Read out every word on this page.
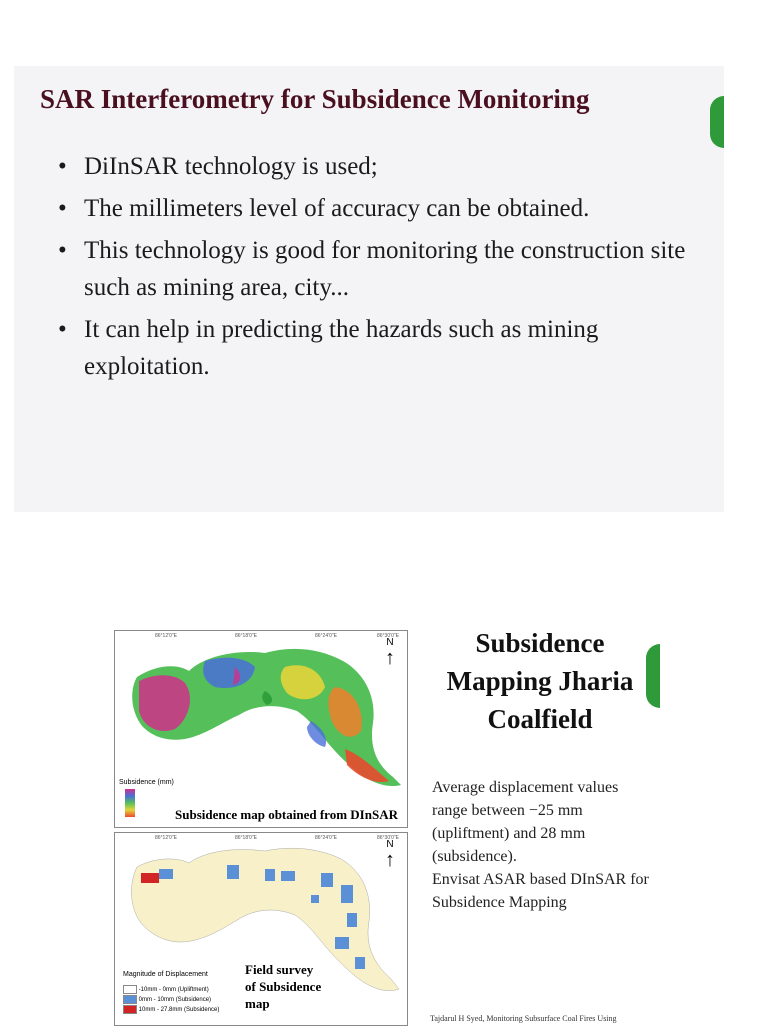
SAR Interferometry for Subsidence Monitoring
• DiInSAR technology is used;
• The millimeters level of accuracy can be obtained.
• This technology is good for monitoring the construction site such as mining area, city...
• It can help in predicting the hazards such as mining exploitation.
86°12'0"E	86°18'0"E	86°24'0"E	86°30'0"E
N
↑
Subsidence (mm)
Subsidence map obtained from DInSAR
86°12'0"E	86°18'0"E	86°24'0"E	86°30'0"E
N
↑
Field survey of Subsidence map
Magnitude of Displacement
-10mm - 0mm (Upliftment)
0mm - 10mm (Subsidence)
10mm - 27.8mm (Subsidence)
Subsidence Mapping Jharia Coalfield

Average displacement values range between −25 mm (upliftment) and 28 mm (subsidence).

Envisat ASAR based DInSAR for Subsidence Mapping

Tajdarul H Syed, Monitoring Subsurface Coal Fires Using
